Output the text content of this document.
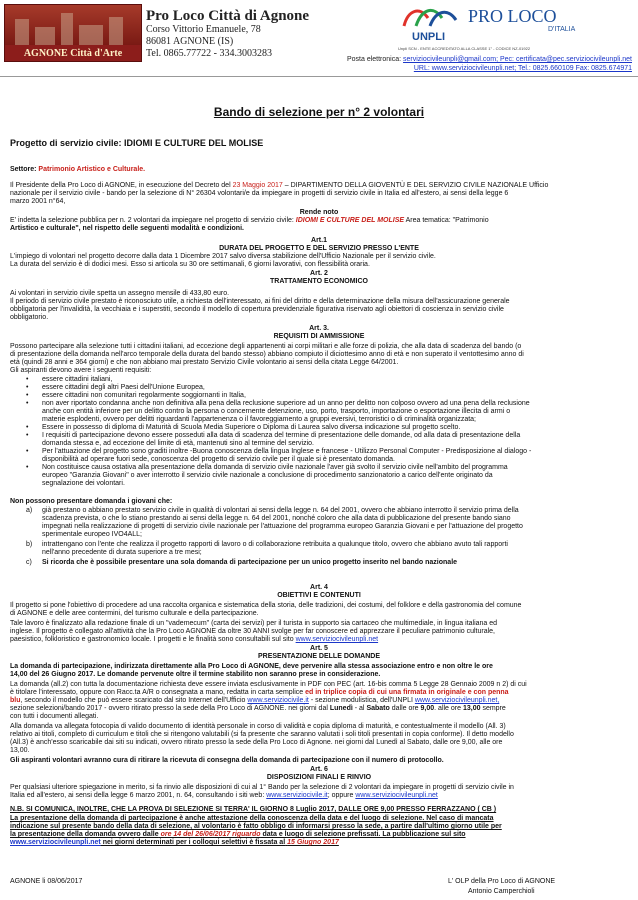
AGNONE Città d'Arte
Pro Loco Città di Agnone
Corso Vittorio Emanuele, 78
86081 AGNONE (IS)
Tel. 0865.77722 - 334.3003283
UNPLI
PRO LOCO
D'ITALIA
Unpli SCN - ENTE ACCREDITATO ALLA CLASSE 1° - CODICE NZ-01922
Posta elettronica: serviziocivileunpli@gmail.com; Pec: certificata@pec.serviziocivileunpli.net
URL: www.serviziocivileunpli.net; Tel.: 0825.660109 Fax: 0825.674971
Bando di selezione per n° 2 volontari
Progetto di servizio civile: IDIOMI E CULTURE DEL MOLISE
Settore: Patrimonio Artistico e Culturale.
Il Presidente della Pro Loco di AGNONE, in esecuzione del Decreto del 23 Maggio 2017 – DIPARTIMENTO DELLA GIOVENTÙ E DEL SERVIZIO CIVILE NAZIONALE Ufficio
nazionale per il servizio civile - bando per la selezione di N° 26304 volontari/e da impiegare in progetti di servizio civile in Italia ed all'estero, ai sensi della legge 6
marzo 2001 n°64,
Rende noto
E' indetta la selezione pubblica per n. 2 volontari da impiegare nel progetto di servizio civile: IDIOMI E CULTURE DEL MOLISE Area tematica: "Patrimonio
Artistico e culturale", nel rispetto delle seguenti modalità e condizioni.
Art.1
DURATA DEL PROGETTO E DEL SERVIZIO PRESSO L'ENTE
L'impiego di volontari nel progetto decorre dalla data 1 Dicembre 2017 salvo diversa stabilizione dell'Ufficio Nazionale per il servizio civile.
La durata del servizio è di dodici mesi. Esso si articola su 30 ore settimanali, 6 giorni lavorativi, con flessibilità oraria.
Art. 2
TRATTAMENTO ECONOMICO
Ai volontari in servizio civile spetta un assegno mensile di 433,80 euro.
Il periodo di servizio civile prestato è riconosciuto utile, a richiesta dell'interessato, ai fini del diritto e della determinazione della misura dell'assicurazione generale
obbligatoria per l'invalidità, la vecchiaia e i superstiti, secondo il modello di copertura previdenziale figurativa riservato agli obiettori di coscienza in servizio civile
obbligatorio.
Art. 3.
REQUISITI DI AMMISSIONE
Possono partecipare alla selezione tutti i cittadini italiani, ad eccezione degli appartenenti ai corpi militari e alle forze di polizia, che alla data di scadenza del bando (o
di presentazione della domanda nell'arco temporale della durata del bando stesso) abbiano compiuto il diciottesimo anno di età e non superato il ventottesimo anno di
età (quindi 28 anni e 364 giorni) e che non abbiano mai prestato Servizio Civile volontario ai sensi della citata Legge 64/2001.
Gli aspiranti devono avere i seguenti requisiti:
• essere cittadini italiani,
• essere cittadini degli altri Paesi dell'Unione Europea,
• essere cittadini non comunitari regolarmente soggiornanti in Italia,
• non aver riportato condanna anche non definitiva alla pena della reclusione superiore ad un anno per delitto non colposo ovvero ad una pena della reclusione
anche con entità inferiore per un delitto contro la persona o concernente detenzione, uso, porto, trasporto, importazione o esportazione illecita di armi o
materie esplodenti, ovvero per delitti riguardanti l'appartenenza o il favoreggiamento a gruppi eversivi, terroristici o di criminalità organizzata;
• Essere in possesso di diploma di Maturità di Scuola Media Superiore o Diploma di Laurea salvo diversa indicazione sul progetto scelto.
• I requisiti di partecipazione devono essere posseduti alla data di scadenza del termine di presentazione delle domande, od alla data di presentazione della
domanda stessa e, ad eccezione del limite di età, mantenuti sino al termine del servizio.
• Per l'attuazione del progetto sono graditi inoltre -Buona conoscenza della lingua Inglese e francese - Utilizzo Personal Computer - Predisposizione al dialogo -
disponibilità ad operare fuori sede, conoscenza del progetto di servizio civile per il quale si è presentato domanda.
• Non costituisce causa ostativa alla presentazione della domanda di servizio civile nazionale l'aver già svolto il servizio civile nell'ambito del programma
europeo "Garanzia Giovani" o aver interrotto il servizio civile nazionale a conclusione di procedimento sanzionatorio a carico dell'ente originato da
segnalazione dei volontari.
Non possono presentare domanda i giovani che:
a) già prestano o abbiano prestato servizio civile in qualità di volontari ai sensi della legge n. 64 del 2001, ovvero che abbiano interrotto il servizio prima della
scadenza prevista, o che lo stiano prestando ai sensi della legge n. 64 del 2001, nonché coloro che alla data di pubblicazione del presente bando siano
impegnati nella realizzazione di progetti di servizio civile nazionale per l'attuazione del programma europeo Garanzia Giovani e per l'attuazione del progetto
sperimentale europeo IVO4ALL;
b) intrattengano con l'ente che realizza il progetto rapporti di lavoro o di collaborazione retribuita a qualunque titolo, ovvero che abbiano avuto tali rapporti
nell'anno precedente di durata superiore a tre mesi;
c) Si ricorda che è possibile presentare una sola domanda di partecipazione per un unico progetto inserito nel bando nazionale
Art. 4
OBIETTIVI E CONTENUTI
Il progetto si pone l'obiettivo di procedere ad una raccolta organica e sistematica della storia, delle tradizioni, dei costumi, del folklore e della gastronomia del comune
di AGNONE e delle aree contermini, del turismo culturale e della partecipazione.
Tale lavoro è finalizzato alla redazione finale di un "vademecum" (carta dei servizi) per il turista in supporto sia cartaceo che multimediale, in lingua italiana ed
inglese. Il progetto è collegato all'attività che la Pro Loco AGNONE da oltre 30 ANNI svolge per far conoscere ed apprezzare il peculiare patrimonio culturale,
paesistico, folkloristico e gastronomico locale. I progetti e le finalità sono consultabili sul sito www.serviziocivileunpli.net
Art. 5
PRESENTAZIONE DELLE DOMANDE
La domanda di partecipazione, indirizzata direttamente alla Pro Loco di AGNONE, deve pervenire alla stessa associazione entro e non oltre le ore
14,00 del 26 Giugno 2017. Le domande pervenute oltre il termine stabilito non saranno prese in considerazione.
La domanda (all.2) con tutta la documentazione richiesta deve essere inviata esclusivamente in PDF con PEC (art. 16-bis comma 5 Legge 28 Gennaio 2009 n 2) di cui
è titolare l'interessato, oppure con Racc.ta A/R o consegnata a mano, redatta in carta semplice ed in triplice copia di cui una firmata in originale e con penna
blu, secondo il modello che può essere scaricato dal sito Internet dell'Ufficio www.serviziocivile.it - sezione modulistica, dell'UNPLI www.serviziocivileunpli.net,
sezione selezioni/bando 2017 - ovvero ritirato presso la sede della Pro Loco di AGNONE. nei giorni dal Lunedì - al Sabato dalle ore 9,00. alle ore 13,00 sempre
con tutti i documenti allegati.
Alla domanda va allegata fotocopia di valido documento di identità personale in corso di validità e copia diploma di maturità, e contestualmente il modello (All. 3)
relativo ai titoli, completo di curriculum e titoli che si ritengono valutabili (si fa presente che saranno valutati i soli titoli presentati in copia conforme). Il detto modello
(All.3) è anch'esso scaricabile dai siti su indicati, ovvero ritirato presso la sede della Pro Loco di Agnone. nei giorni dal Lunedì al Sabato, dalle ore 9,00, alle ore
13,00.
Gli aspiranti volontari avranno cura di ritirare la ricevuta di consegna della domanda di partecipazione con il numero di protocollo.
Art. 6
DISPOSIZIONI FINALI E RINVIO
Per qualsiasi ulteriore spiegazione in merito, si fa rinvio alle disposizioni di cui al 1° Bando per la selezione di 2 volontari da impiegare in progetti di servizio civile in
Italia ed all'estero, ai sensi della legge 6 marzo 2001, n. 64, consultando i siti web: www.serviziocivile.it; oppure www.serviziocivileunpli.net
N.B. SI COMUNICA, INOLTRE, CHE LA PROVA DI SELEZIONE SI TERRA' IL GIORNO 8 Luglio 2017, DALLE ORE 9,00 PRESSO FERRAZZANO ( CB )
La presentazione della domanda di partecipazione è anche attestazione della conoscenza della data e del luogo di selezione. Nel caso di mancata
indicazione sul presente bando della data di selezione, al volontario è fatto obbligo di informarsi presso la sede, a partire dall'ultimo giorno utile per
la presentazione della domanda ovvero dalle ore 14 del 26/06/2017 riguardo data e luogo di selezione prefissati. La pubblicazione sul sito
www.serviziocivileunpli.net nei giorni determinati per i colloqui selettivi è fissata al 15 Giugno 2017
AGNONE li 08/06/2017	L' OLP della Pro Loco di AGNONE
Antonio Camperchioli
